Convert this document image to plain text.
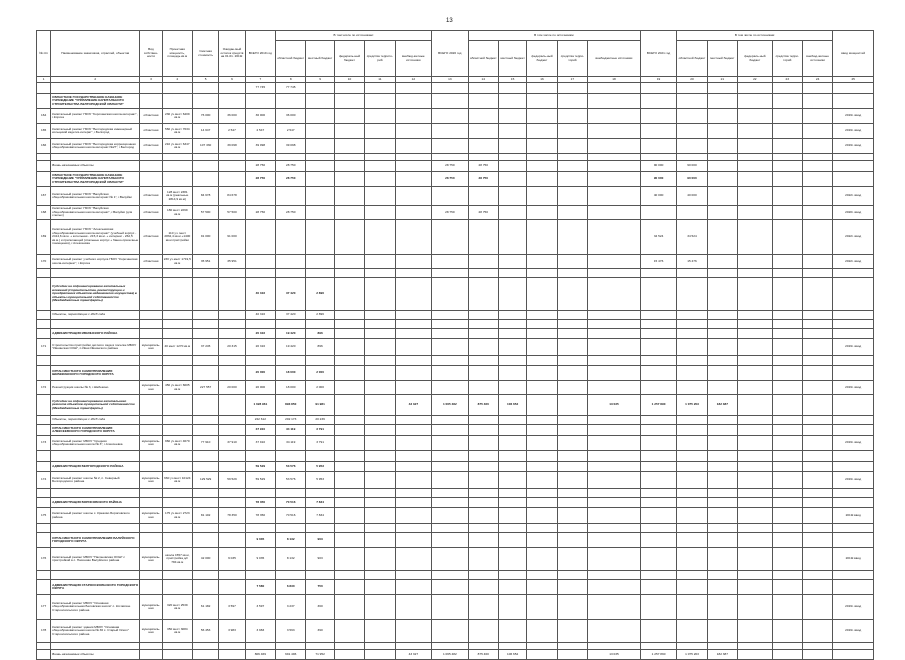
13
№ п/п	Наименование заказчиков, отраслей, объектов	Вид собствен-ности	Проектная мощность, площадь кв.м	Сметная стоимость	Ожидае-мый остаток средств на 01.01. 2019г.	ВСЕГО 2019 год	В том числе по источникам:					ВСЕГО 2020 год	В том числе по источникам:					ВСЕГО 2021 год	В том числе по источникам:					ввод мощностей
							областной бюджет	местный бюджет	федераль-ный бюджет	средства террито-рий	внебюд-жетные источники		областной бюджет	местный бюджет	федераль-ный бюджет	средства терри-торий	внебюджетные источники		областной бюджет	местный бюджет	федераль-ный бюджет	средства терри-торий	внебюд-жетные источники	
1	2	3	4	5	6	7	8	9	10	11	12	13	14	15	16	17	18	19	20	21	22	23	24	25
						77 745	77 745																	
	ОБЛАСТНОЕ ГОСУДАРСТВЕННОЕ КАЗЕННОЕ УЧРЕЖДЕНИЕ "УПРАВЛЕНИЕ КАПИТАЛЬНОГО СТРОИТЕЛЬСТВА БЕЛГОРОДСКОЙ ОБЛАСТИ"																							
164	Капитальный ремонт ГБОУ "Корочанская школа-интернат", г.Короча	областная	230 уч.мест 6409 кв.м	76 000	36 000	36 000	36 000																	2019г. ввод
165	Капитальный ремонт ГБОУ "Белгородская инженерный кольцевой кадетиз-интерат", г.Белгород	областная	560 уч.мест 7634 кв.м	14 647	2 547	2 547	2 547																	2019г. ввод
166	Капитальный ремонт ГБОУ "Белгородская коррекционная общеобразовательная школа-интернат №27", г.Белгород	областная	210 уч.мест 6347 кв.м	107 330	39 098	39 098	39 098																	2019г. ввод

	Вновь начинаемые объекты					28 750	28 750					28 750	28 750					90 000	90 000					
	ОБЛАСТНОЕ ГОСУДАРСТВЕННОЕ КАЗЕННОЕ УЧРЕЖДЕНИЕ "УПРАВЛЕНИЕ КАПИТАЛЬНОГО СТРОИТЕЛЬСТВА БЕЛГОРОДСКОЙ ОБЛАСТИ"					28 750	28 750					28 750	28 750					90 000	90 000					
167	Капитальный ремонт ГБОУ "Валуйская общеобразовательная школа-интернат № 1", г.Валуйки	областная	128 мест 2381 кв.м (реальные 2814,9 кв.м)	84 678	84 678													40 000	40 000					2022г. ввод
168	Капитальный ремонт ГБОУ "Валуйская общеобразовательная школа-интернат", г.Валуйки (для слепых)	областная	180 мест 2299 кв.м	57 500	57 500	28 750	28 750					28 750	28 750											2020г. ввод
169	Капитальный ремонт ГБОУ "Алексеевская общеобразовательная школа-интернат" (учебный корпус - 2414,6 кв.м. + котельная - 215,3 кв.м. + интернат - 262,5 кв.м.) и прилегающей (спальные корпус + банно-прачечные помещения), г.Алексеевка	областная	110 уч. мест 2832,4 кв.м +1400 кв.м пристройки	91 000	91 000													34 524	34 524					2022г. ввод
170	Капитальный ремонт учебного корпуса ГБОУ "Корочанская школа-интернат", г.Короча	областная	230 уч.мест 1719,5 кв.м	35 951	35 951													15 476	15 476					2022г. ввод

	Субсидии на софинансирование капитальных вложений (строительства, реконструкции и приобретения объектов недвижимого имущества) в объекты муниципальной собственности (Межбюджетные трансферты)					40 316	37 420	2 896																
	Объекты, переходящие с 2018 года					40 316	37 420	2 896																

	АДМИНИСТРАЦИЯ ИВНЯНСКОГО РАЙОНА					20 316	19 420	896																
171	Строительство пристройки детского сада в поселке МБОУ "Ивнянская СОШ", п.Ивня Ивнянского района	муниципаль-ная	40 мест 1270 кв.м	37 245	20 315	20 316	19 420	896																2019г. ввод

	ОРГАН МЕСТНОГО САМОУПРАВЛЕНИЯ ШЕБЕКИНСКОГО ГОРОДСКОГО ОКРУГА					20 000	18 000	2 000																
172	Реконструкция школы № 3, г.Шебекино	муниципаль-ная	450 уч.мест 6605 кв.м	227 557	20 000	20 000	18 000	2 000																2019г. ввод
	Субсидии на софинансирование капитального ремонта объектов муниципальной собственности (Межбюджетные трансферты)					1 028 961	893 850	91 981			43 327	1 065 482	875 460	106 652			13 035	1 257 890	1 075 203	182 387				
	Объекты, переходящие с 2018 года					222 612	202 173	20 239																
	ОРГАН МЕСТНОГО САМОУПРАВЛЕНИЯ АЛЕКСЕЕВСКОГО ГОРОДСКОГО ОКРУГА					37 910	34 119	3 791																
173	Капитальный ремонт МБОУ "Средняя общеобразовательная школа № 3", г.Алексеевка	муниципаль-ная	960 уч.мест 4670 кв.м	77 910	37 910	37 910	34 119	3 791																2019г. ввод

	АДМИНИСТРАЦИЯ БЕЛГОРОДСКОГО РАЙОНА					59 529	53 576	5 953																
174	Капитальный ремонт школы № 2, п. Северный Белгородского района	муниципаль-ная	660 уч.мест 10124 кв.м	129 529	59 529	59 529	53 576	5 953																2019г. ввод

	АДМИНИСТРАЦИЯ БОРИСОВСКОГО РАЙОНА					78 350	70 516	7 834																
175	Капитальный ремонт школы с. Крюково Борисовского района	муниципаль-ная	175 уч.мест 2723 кв.м	81 102	78 350	78 350	70 516	7 834																2019г.ввод

	ОРГАН МЕСТНОГО САМОУПРАВЛЕНИЯ ВАЛУЙСКОГО ГОРОДСКОГО ОКРУГА					9 035	8 132	903																
176	Капитальный ремонт МБОУ "Насоновская ООШ" с пристройкой в с. Насоново Валуйского района	муниципаль-ная	школа 1557 кв.м, пристройка д/с 784 кв.м	42 000	9 035	9 035	8 132	903																2019г.ввод

	АДМИНИСТРАЦИЯ СТАРООСКОЛЬСКОГО ГОРОДСКОГО ОКРУГА					7 580	6 830	750																
177	Капитальный ремонт МБОУ "Основная общеобразовательная Беловская школа" с. Котовское Старооскольского района	муниципаль-ная	320 мест 2539 кв.м	61 182	3 597	3 597	3 237	360																2019г. ввод
178	Капитальный ремонт здания МБОУ "Основная общеобразовательная школа № 36 с. Старый Оскол" Старооскольского района	муниципаль-ная	350 мест 3084 кв.м	56 453	3 983	3 983	3 593	390																2019г. ввод

	Вновь начинаемые объекты					806 469	691 496	71 952			43 327	1 065 482	875 460	106 652			13 035	1 257 890	1 075 203	182 387				
